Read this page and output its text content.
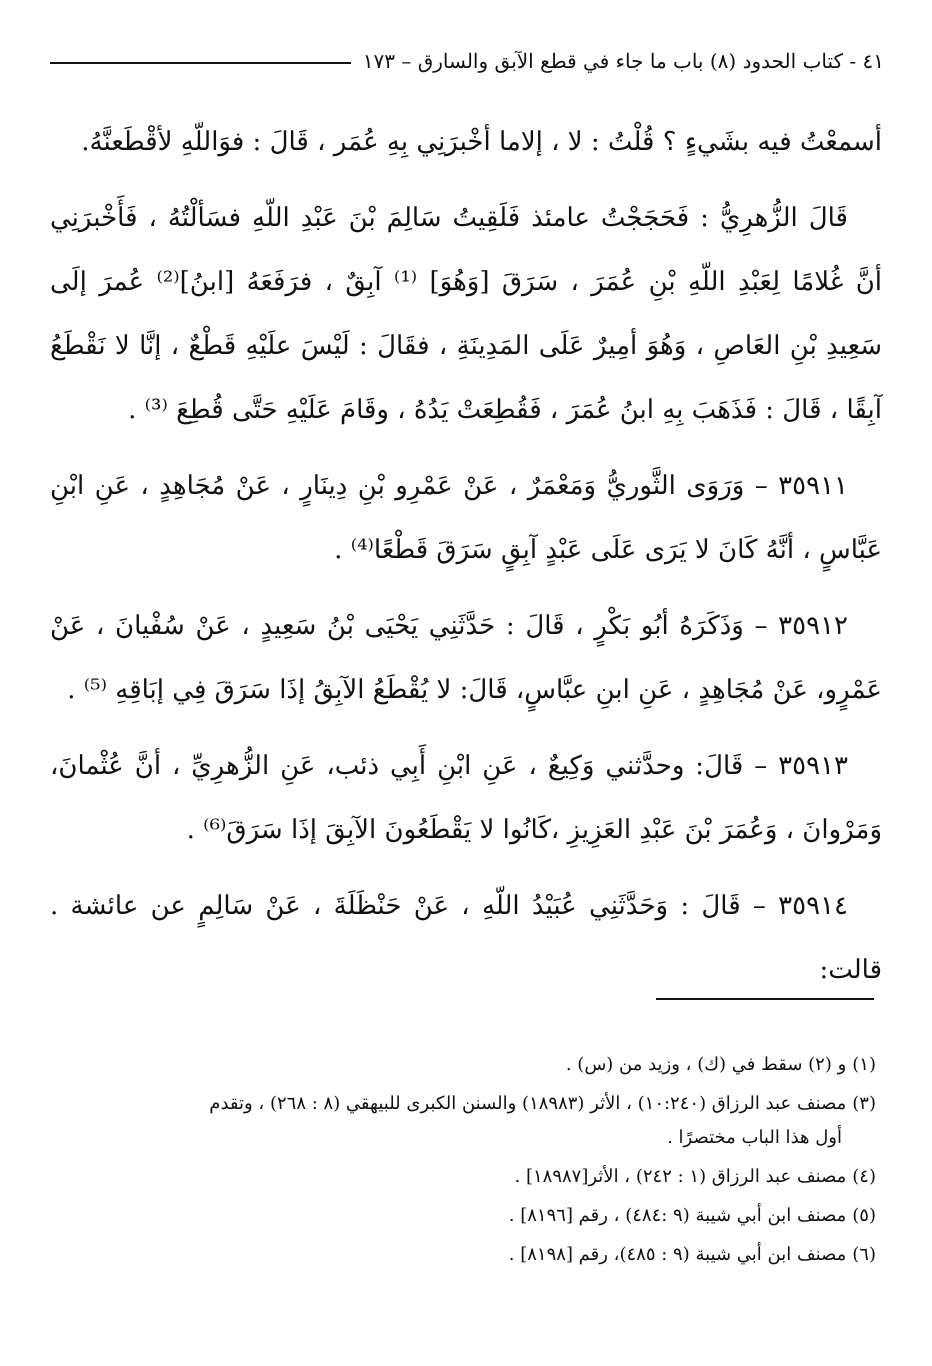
٤١ - كتاب الحدود (٨) باب ما جاء في قطع الآبق والسارق – ١٧٣

أسمعْتُ فيه بشَيءٍ ؟ قُلْتُ : لا ، إلاما أخْبرَنِي بِهِ عُمَر ، قَالَ : فوَاللّهِ لأقْطَعنَّهُ.

قَالَ الزُّهرِيُّ : فَحَجَجْتُ عامئذ فَلَقِيتُ سَالِمَ بْنَ عَبْدِ اللّهِ فسَألْتُهُ ، فَأَخْبرَنِي أنَّ غُلامًا لِعَبْدِ اللّهِ بْنِ عُمَرَ ، سَرَقَ [وَهُوَ] ⁽¹⁾ آبِقٌ ، فرَفَعَهُ [ابنُ]⁽²⁾ عُمرَ إلَى سَعِيدِ بْنِ العَاصِ ، وَهُوَ أمِيرٌ عَلَى المَدِينَةِ ، فقَالَ : لَيْسَ علَيْهِ قَطْعٌ ، إنَّا لا نَقْطَعُ آبِقًا ، قَالَ : فَذَهَبَ بِهِ ابنُ عُمَرَ ، فَقُطِعَتْ يَدُهُ ، وقَامَ عَلَيْهِ حَتَّى قُطِعَ ⁽³⁾ .

٣٥٩١١ – وَرَوَى الثَّوريُّ وَمَعْمَرٌ ، عَنْ عَمْرِو بْنِ دِينَارٍ ، عَنْ مُجَاهِدٍ ، عَنِ ابْنِ عَبَّاسٍ ، أنَّهُ كَانَ لا يَرَى عَلَى عَبْدٍ آبِقٍ سَرَقَ قَطْعًا⁽⁴⁾ .

٣٥٩١٢ – وَذَكَرَهُ أبُو بَكْرٍ ، قَالَ : حَدَّثَنِي يَحْيَى بْنُ سَعِيدٍ ، عَنْ سُفْيانَ ، عَنْ عَمْرٍو، عَنْ مُجَاهِدٍ ، عَنِ ابنِ عبَّاسٍ، قَالَ: لا يُقْطَعُ الآبِقُ إذَا سَرَقَ فِي إبَاقِهِ ⁽⁵⁾ .

٣٥٩١٣ – قَالَ: وحدَّثني وَكِيعٌ ، عَنِ ابْنِ أَبِي ذئب، عَنِ الزُّهرِيِّ ، أنَّ عُثْمانَ، وَمَرْوانَ ، وَعُمَرَ بْنَ عَبْدِ العَزِيزِ ،كَانُوا لا يَقْطَعُونَ الآبِقَ إذَا سَرَقَ⁽⁶⁾ .

٣٥٩١٤ – قَالَ : وَحَدَّثَنِي عُبَيْدُ اللّهِ ، عَنْ حَنْظَلَةَ ، عَنْ سَالِمٍ عن عائشة . قالت:

(١)و (٢) سقط في (ك) ، وزيد من (س) .
(٣)مصنف عبد الرزاق (١٠:٢٤٠) ، الأثر (١٨٩٨٣) والسنن الكبرى للبيهقي (٨ : ٢٦٨) ، وتقدم
أول هذا الباب مختصرًا .
(٤)مصنف عبد الرزاق (١ : ٢٤٢) ، الأثر[١٨٩٨٧] .
(٥)مصنف ابن أبي شيبة (٩ :٤٨٤) ، رقم [٨١٩٦] .
(٦)مصنف ابن أبي شيبة (٩ : ٤٨٥)، رقم [٨١٩٨] .
